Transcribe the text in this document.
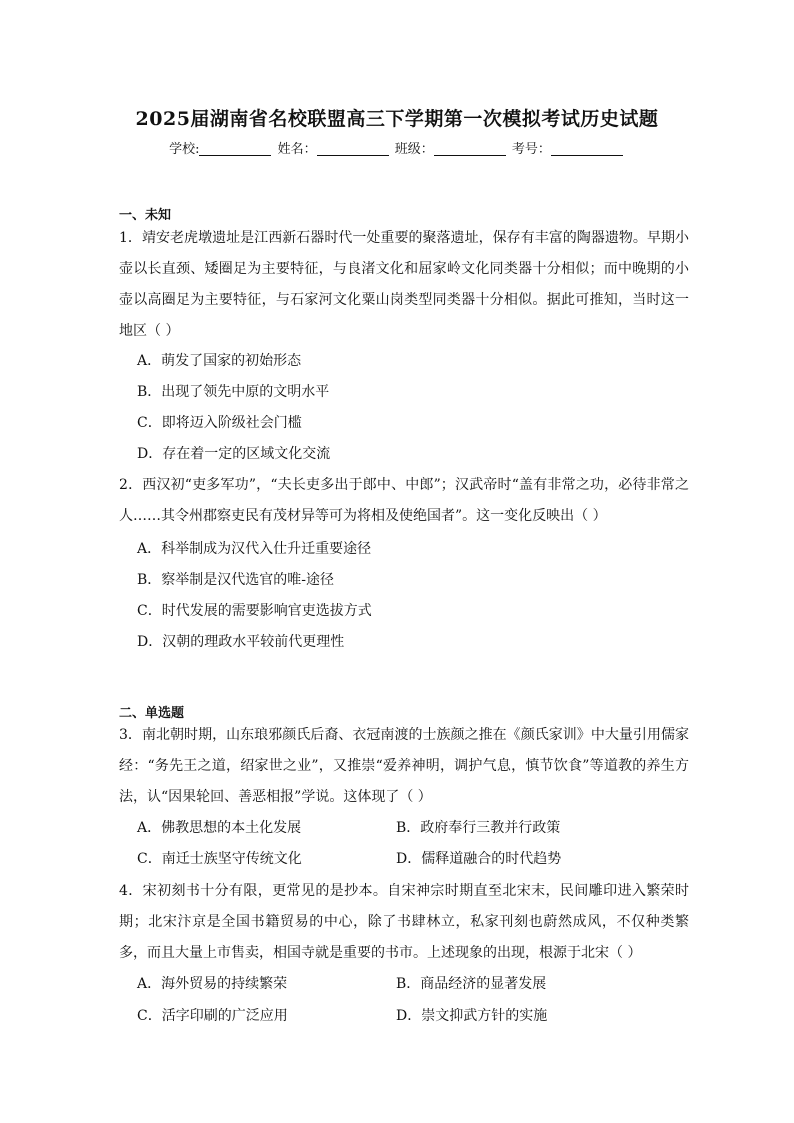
2025届湖南省名校联盟高三下学期第一次模拟考试历史试题
学校:	姓名：	班级：	考号：
一、未知
1．靖安老虎墩遗址是江西新石器时代一处重要的聚落遗址，保存有丰富的陶器遗物。早期小壶以长直颈、矮圈足为主要特征，与良渚文化和屈家岭文化同类器十分相似；而中晚期的小壶以高圈足为主要特征，与石家河文化粟山岗类型同类器十分相似。据此可推知，当时这一地区（ ）
A．萌发了国家的初始形态
B．出现了领先中原的文明水平
C．即将迈入阶级社会门槛
D．存在着一定的区域文化交流
2．西汉初“吏多军功”，“夫长吏多出于郎中、中郎”；汉武帝时“盖有非常之功，必待非常之人……其令州郡察吏民有茂材异等可为将相及使绝国者”。这一变化反映出（ ）
A．科举制成为汉代入仕升迁重要途径
B．察举制是汉代选官的唯-途径
C．时代发展的需要影响官吏选拔方式
D．汉朝的理政水平较前代更理性
二、单选题
3．南北朝时期，山东琅邪颜氏后裔、衣冠南渡的士族颜之推在《颜氏家训》中大量引用儒家经：“务先王之道，绍家世之业”，又推崇“爱养神明，调护气息，慎节饮食”等道教的养生方法，认“因果轮回、善恶相报”学说。这体现了（ ）
A．佛教思想的本土化发展	B．政府奉行三教并行政策
C．南迁士族坚守传统文化	D．儒释道融合的时代趋势
4．宋初刻书十分有限，更常见的是抄本。自宋神宗时期直至北宋末，民间雕印进入繁荣时期；北宋汴京是全国书籍贸易的中心，除了书肆林立，私家刊刻也蔚然成风，不仅种类繁多，而且大量上市售卖，相国寺就是重要的书市。上述现象的出现，根源于北宋（ ）
A．海外贸易的持续繁荣	B．商品经济的显著发展
C．活字印刷的广泛应用	D．崇文抑武方针的实施
